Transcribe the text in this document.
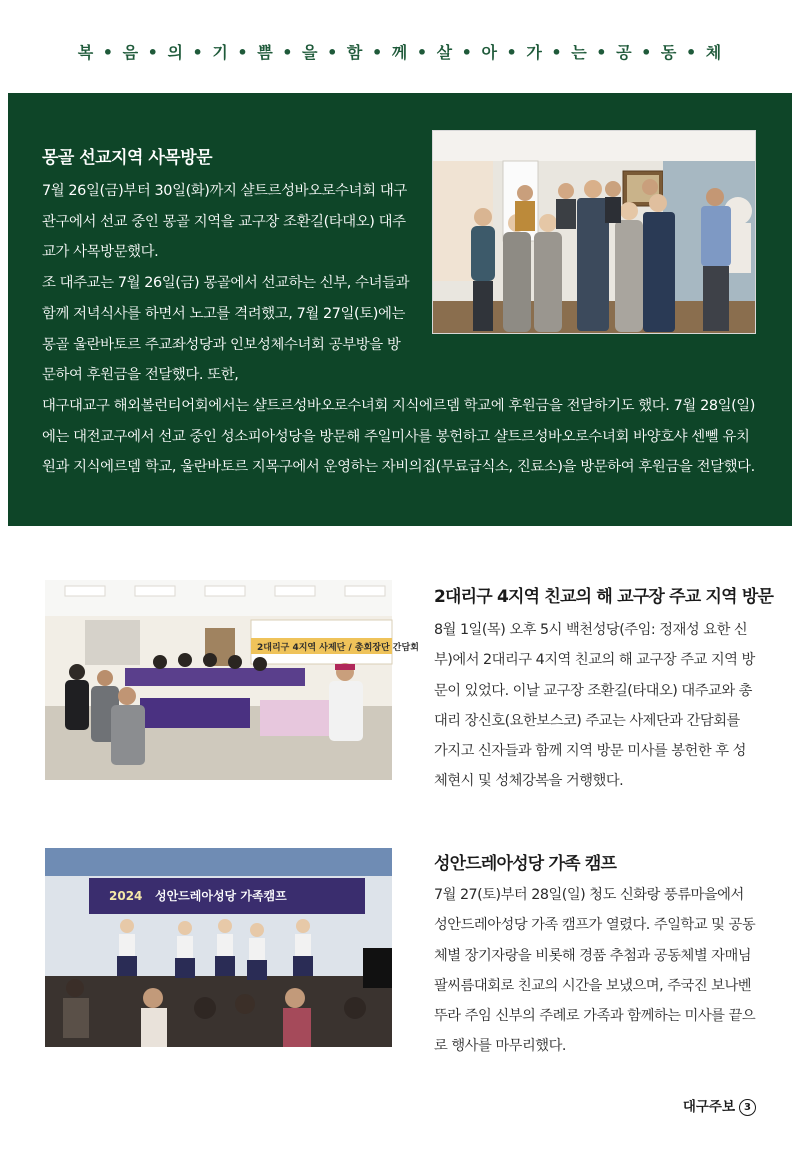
복 • 음 • 의 • 기 • 쁨 • 을 • 함 • 께 • 살 • 아 • 가 • 는 • 공 • 동 • 체
몽골 선교지역 사목방문

7월 26일(금)부터 30일(화)까지 샬트르성바오로수녀회 대구관구에서 선교 중인 몽골 지역을 교구장 조환길(타대오) 대주교가 사목방문했다.

조 대주교는 7월 26일(금) 몽골에서 선교하는 신부, 수녀들과 함께 저녁식사를 하면서 노고를 격려했고, 7월 27일(토)에는 몽골 울란바토르 주교좌성당과 인보성체수녀회 공부방을 방문하여 후원금을 전달했다. 또한,

대구대교구 해외볼런티어회에서는 샬트르성바오로수녀회 지식에르뎀 학교에 후원금을 전달하기도 했다. 7월 28일(일)에는 대전교구에서 선교 중인 성소피아성당을 방문해 주일미사를 봉헌하고 샬트르성바오로수녀회 바양호샤 센뻴 유치원과 지식에르뎀 학교, 울란바토르 지목구에서 운영하는 자비의집(무료급식소, 진료소)을 방문하여 후원금을 전달했다.

2대리구 4지역 사제단 / 총회장단 간담회
2대리구 4지역 친교의 해 교구장 주교 지역 방문
8월 1일(목) 오후 5시 백천성당(주임: 정재성 요한 신부)에서 2대리구 4지역 친교의 해 교구장 주교 지역 방문이 있었다. 이날 교구장 조환길(타대오) 대주교와 총대리 장신호(요한보스코) 주교는 사제단과 간담회를 가지고 신자들과 함께 지역 방문 미사를 봉헌한 후 성체현시 및 성체강복을 거행했다.
2024 성안드레아성당 가족캠프
성안드레아성당 가족 캠프
7월 27(토)부터 28일(일) 청도 신화랑 풍류마을에서 성안드레아성당 가족 캠프가 열렸다. 주일학교 및 공동체별 장기자랑을 비롯해 경품 추첨과 공동체별 자매님 팔씨름대회로 친교의 시간을 보냈으며, 주국진 보나벤뚜라 주임 신부의 주례로 가족과 함께하는 미사를 끝으로 행사를 마무리했다.
대구주보 3
